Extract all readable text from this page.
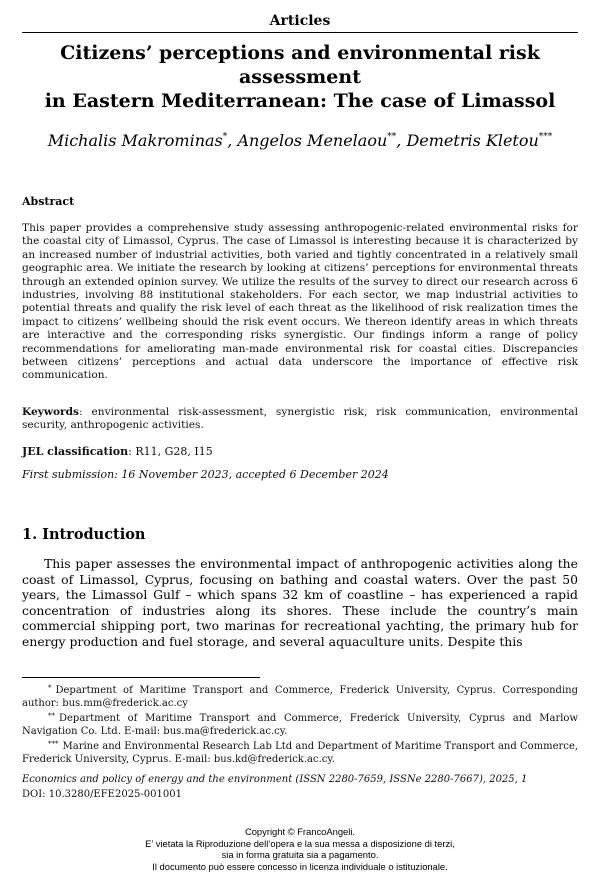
Articles
Citizens’ perceptions and environmental risk assessment
in Eastern Mediterranean: The case of Limassol
Michalis Makrominas*, Angelos Menelaou**, Demetris Kletou***
Abstract
This paper provides a comprehensive study assessing anthropogenic-related environmental risks for the coastal city of Limassol, Cyprus. The case of Limassol is interesting because it is characterized by an increased number of industrial activities, both varied and tightly concentrated in a relatively small geographic area. We initiate the research by looking at citizens’ perceptions for environmental threats through an extended opinion survey. We utilize the results of the survey to direct our research across 6 industries, involving 88 institutional stakeholders. For each sector, we map industrial activities to potential threats and qualify the risk level of each threat as the likelihood of risk realization times the impact to citizens’ wellbeing should the risk event occurs. We thereon identify areas in which threats are interactive and the corresponding risks synergistic. Our findings inform a range of policy recommendations for ameliorating man-made environmental risk for coastal cities. Discrepancies between citizens’ perceptions and actual data underscore the importance of effective risk communication.
Keywords: environmental risk-assessment, synergistic risk, risk communication, environmental security, anthropogenic activities.
JEL classification: R11, G28, I15
First submission: 16 November 2023, accepted 6 December 2024
1. Introduction
This paper assesses the environmental impact of anthropogenic activities along the coast of Limassol, Cyprus, focusing on bathing and coastal waters. Over the past 50 years, the Limassol Gulf – which spans 32 km of coastline – has experienced a rapid concentration of industries along its shores. These include the country’s main commercial shipping port, two marinas for recreational yachting, the primary hub for energy production and fuel storage, and several aquaculture units. Despite this
* Department of Maritime Transport and Commerce, Frederick University, Cyprus. Corresponding author: bus.mm@frederick.ac.cy
** Department of Maritime Transport and Commerce, Frederick University, Cyprus and Marlow Navigation Co. Ltd. E-mail: bus.ma@frederick.ac.cy.
*** Marine and Environmental Research Lab Ltd and Department of Maritime Transport and Commerce, Frederick University, Cyprus. E-mail: bus.kd@frederick.ac.cy.
Economics and policy of energy and the environment (ISSN 2280-7659, ISSNe 2280-7667), 2025, 1
DOI: 10.3280/EFE2025-001001
Copyright © FrancoAngeli.
E’ vietata la Riproduzione dell’opera e la sua messa a disposizione di terzi,
sia in forma gratuita sia a pagamento.
Il documento può essere concesso in licenza individuale o istituzionale.
